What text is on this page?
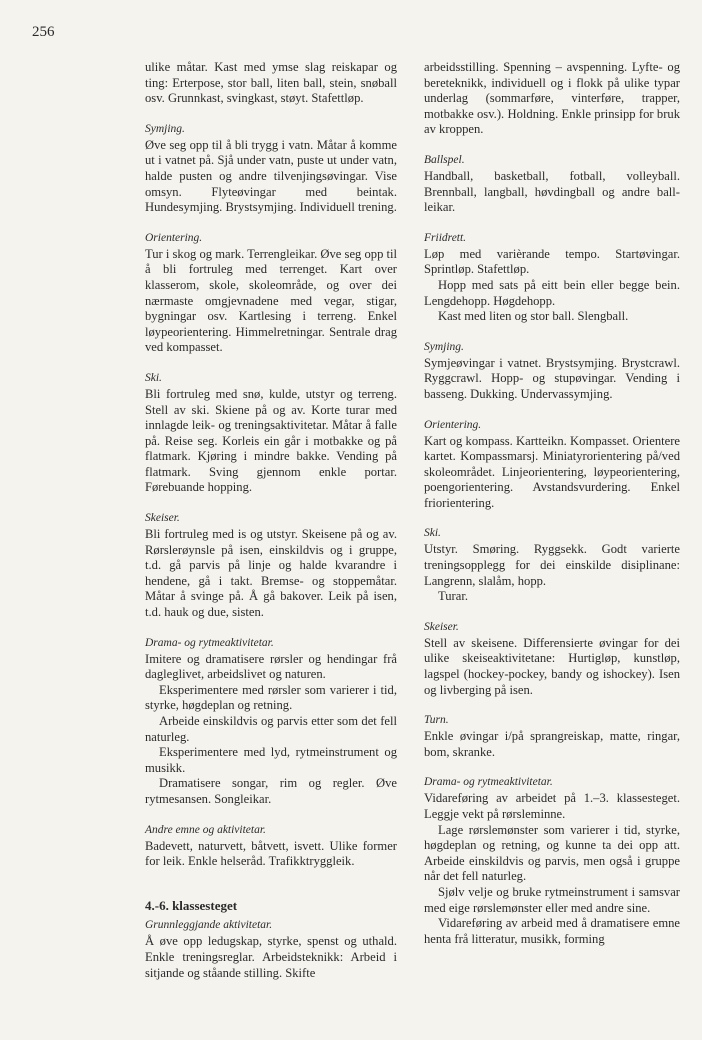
256

ulike måtar. Kast med ymse slag reiskapar og ting: Erterpose, stor ball, liten ball, stein, snøball osv. Grunnkast, svingkast, støyt. Stafettløp.

Symjing.

Øve seg opp til å bli trygg i vatn. Måtar å komme ut i vatnet på. Sjå under vatn, puste ut under vatn, halde pusten og andre tilvenjingsøvingar. Vise omsyn. Flyteøvingar med beintak. Hundesymjing. Brystsymjing. Individuell trening.

Orientering.

Tur i skog og mark. Terrengleikar. Øve seg opp til å bli fortruleg med terrenget. Kart over klasserom, skole, skoleområde, og over dei nærmaste omgjevnadene med vegar, stigar, bygningar osv. Kartlesing i terreng. Enkel løypeorientering. Himmelretningar. Sentrale drag ved kompasset.

Ski.

Bli fortruleg med snø, kulde, utstyr og terreng. Stell av ski. Skiene på og av. Korte turar med innlagde leik- og treningsaktivitetar. Måtar å falle på. Reise seg. Korleis ein går i motbakke og på flatmark. Kjøring i mindre bakke. Vending på flatmark. Sving gjennom enkle portar. Førebuande hopping.

Skeiser.

Bli fortruleg med is og utstyr. Skeisene på og av. Rørslerøynsle på isen, einskildvis og i gruppe, t.d. gå parvis på linje og halde kvarandre i hendene, gå i takt. Bremse- og stoppemåtar. Måtar å svinge på. Å gå bakover. Leik på isen, t.d. hauk og due, sisten.

Drama- og rytmeaktivitetar.

Imitere og dramatisere rørsler og hendingar frå dagleglivet, arbeidslivet og naturen.

Eksperimentere med rørsler som varierer i tid, styrke, høgdeplan og retning.

Arbeide einskildvis og parvis etter som det fell naturleg.

Eksperimentere med lyd, rytmeinstrument og musikk.

Dramatisere songar, rim og regler. Øve rytmesansen. Songleikar.

Andre emne og aktivitetar.

Badevett, naturvett, båtvett, isvett. Ulike former for leik. Enkle helseråd. Trafikktryggleik.

4.-6. klassesteget
Grunnleggjande aktivitetar.

Å øve opp ledugskap, styrke, spenst og uthald. Enkle treningsreglar. Arbeidsteknikk: Arbeid i sitjande og ståande stilling. Skifte

arbeidsstilling. Spenning – avspenning. Lyfte- og bereteknikk, individuell og i flokk på ulike typar underlag (sommarføre, vinterføre, trapper, motbakke osv.). Holdning. Enkle prinsipp for bruk av kroppen.

Ballspel.

Handball, basketball, fotball, volleyball. Brennball, langball, høvdingball og andre ball-leikar.

Friidrett.

Løp med varièrande tempo. Startøvingar. Sprintløp. Stafettløp.

Hopp med sats på eitt bein eller begge bein. Lengdehopp. Høgdehopp.

Kast med liten og stor ball. Slengball.

Symjing.

Symjeøvingar i vatnet. Brystsymjing. Brystcrawl. Ryggcrawl. Hopp- og stupøvingar. Vending i basseng. Dukking. Undervassymjing.

Orientering.

Kart og kompass. Kartteikn. Kompasset. Orientere kartet. Kompassmarsj. Miniatyrorientering på/ved skoleområdet. Linjeorientering, løypeorientering, poengorientering. Avstandsvurdering. Enkel friorientering.

Ski.

Utstyr. Smøring. Ryggsekk. Godt varierte treningsopplegg for dei einskilde disiplinane: Langrenn, slalåm, hopp.

Turar.

Skeiser.

Stell av skeisene. Differensierte øvingar for dei ulike skeiseaktivitetane: Hurtigløp, kunstløp, lagspel (hockey-pockey, bandy og ishockey). Isen og livberging på isen.

Turn.

Enkle øvingar i/på sprangreiskap, matte, ringar, bom, skranke.

Drama- og rytmeaktivitetar.

Vidareføring av arbeidet på 1.–3. klassesteget. Leggje vekt på rørsleminne.

Lage rørslemønster som varierer i tid, styrke, høgdeplan og retning, og kunne ta dei opp att. Arbeide einskildvis og parvis, men også i gruppe når det fell naturleg.

Sjølv velje og bruke rytmeinstrument i samsvar med eige rørslemønster eller med andre sine.

Vidareføring av arbeid med å dramatisere emne henta frå litteratur, musikk, forming
